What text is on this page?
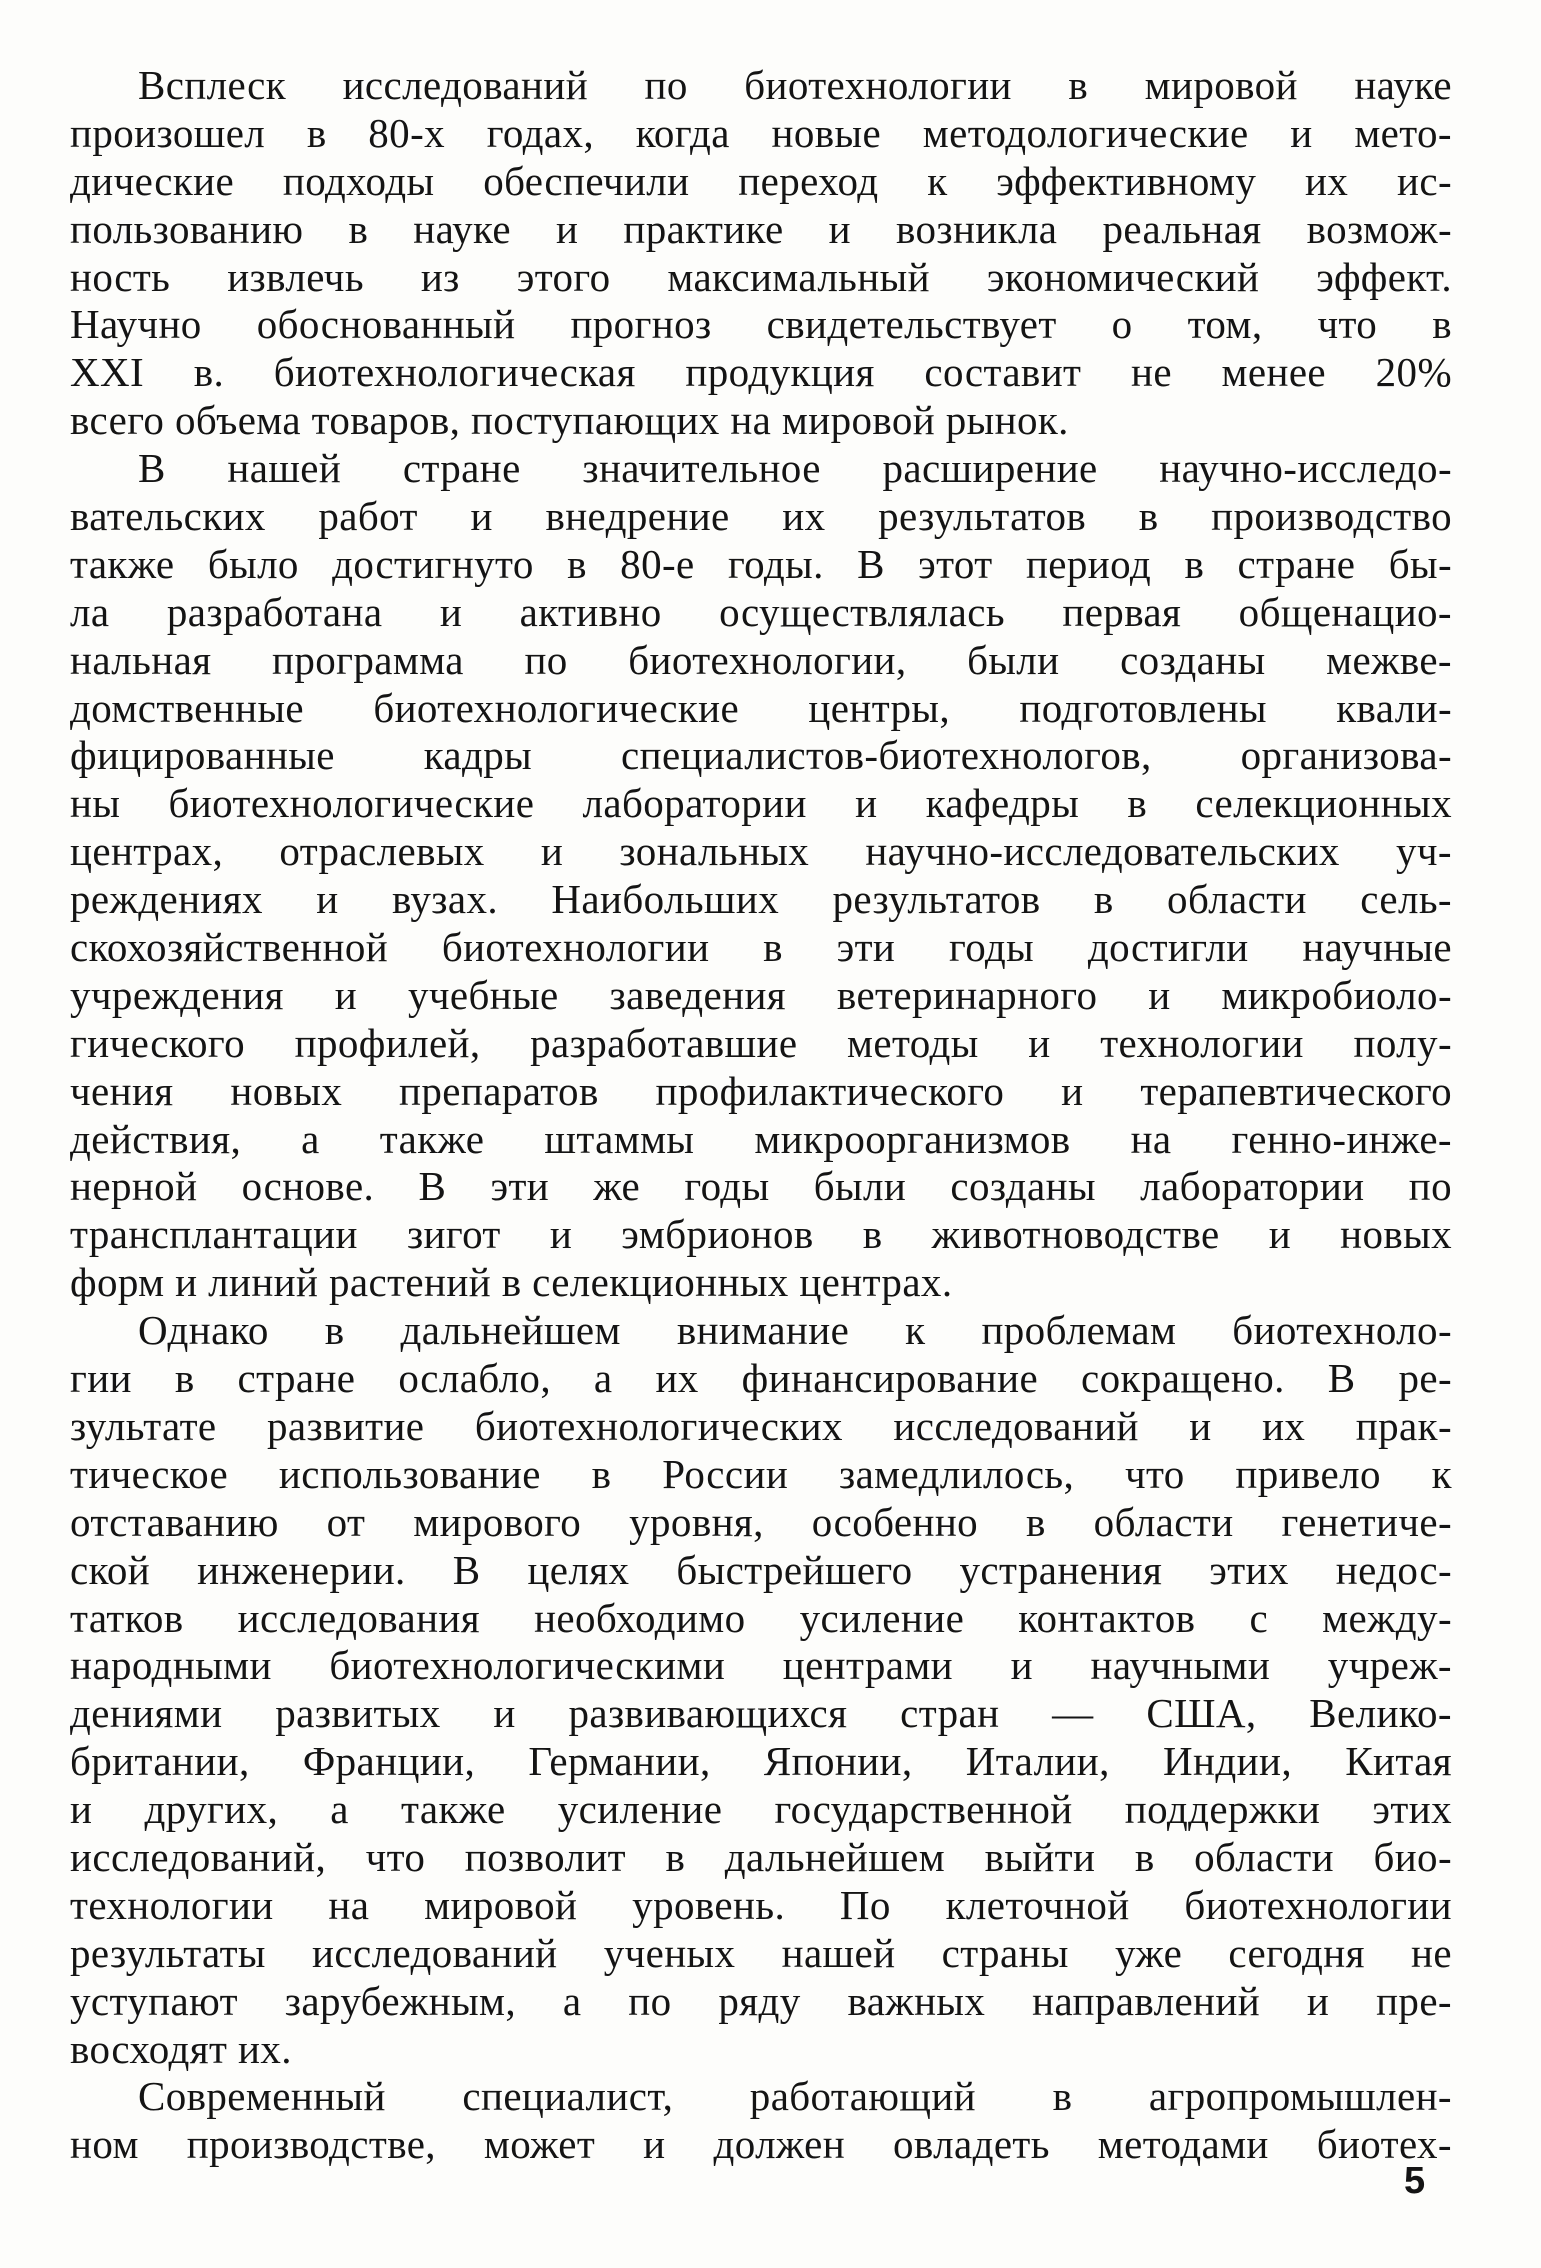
Всплеск исследований по биотехнологии в мировой науке
произошел в 80-х годах, когда новые методологические и мето-
дические подходы обеспечили переход к эффективному их ис-
пользованию в науке и практике и возникла реальная возмож-
ность извлечь из этого максимальный экономический эффект.
Научно обоснованный прогноз свидетельствует о том, что в
XXI в. биотехнологическая продукция составит не менее 20%
всего объема товаров, поступающих на мировой рынок.
В нашей стране значительное расширение научно-исследо-
вательских работ и внедрение их результатов в производство
также было достигнуто в 80-е годы. В этот период в стране бы-
ла разработана и активно осуществлялась первая общенацио-
нальная программа по биотехнологии, были созданы межве-
домственные биотехнологические центры, подготовлены квали-
фицированные кадры специалистов-биотехнологов, организова-
ны биотехнологические лаборатории и кафедры в селекционных
центрах, отраслевых и зональных научно-исследовательских уч-
реждениях и вузах. Наибольших результатов в области сель-
скохозяйственной биотехнологии в эти годы достигли научные
учреждения и учебные заведения ветеринарного и микробиоло-
гического профилей, разработавшие методы и технологии полу-
чения новых препаратов профилактического и терапевтического
действия, а также штаммы микроорганизмов на генно-инже-
нерной основе. В эти же годы были созданы лаборатории по
трансплантации зигот и эмбрионов в животноводстве и новых
форм и линий растений в селекционных центрах.
Однако в дальнейшем внимание к проблемам биотехноло-
гии в стране ослабло, а их финансирование сокращено. В ре-
зультате развитие биотехнологических исследований и их прак-
тическое использование в России замедлилось, что привело к
отставанию от мирового уровня, особенно в области генетиче-
ской инженерии. В целях быстрейшего устранения этих недос-
татков исследования необходимо усиление контактов с между-
народными биотехнологическими центрами и научными учреж-
дениями развитых и развивающихся стран — США, Велико-
британии, Франции, Германии, Японии, Италии, Индии, Китая
и других, а также усиление государственной поддержки этих
исследований, что позволит в дальнейшем выйти в области био-
технологии на мировой уровень. По клеточной биотехнологии
результаты исследований ученых нашей страны уже сегодня не
уступают зарубежным, а по ряду важных направлений и пре-
восходят их.
Современный специалист, работающий в агропромышлен-
ном производстве, может и должен овладеть методами биотех-
5
